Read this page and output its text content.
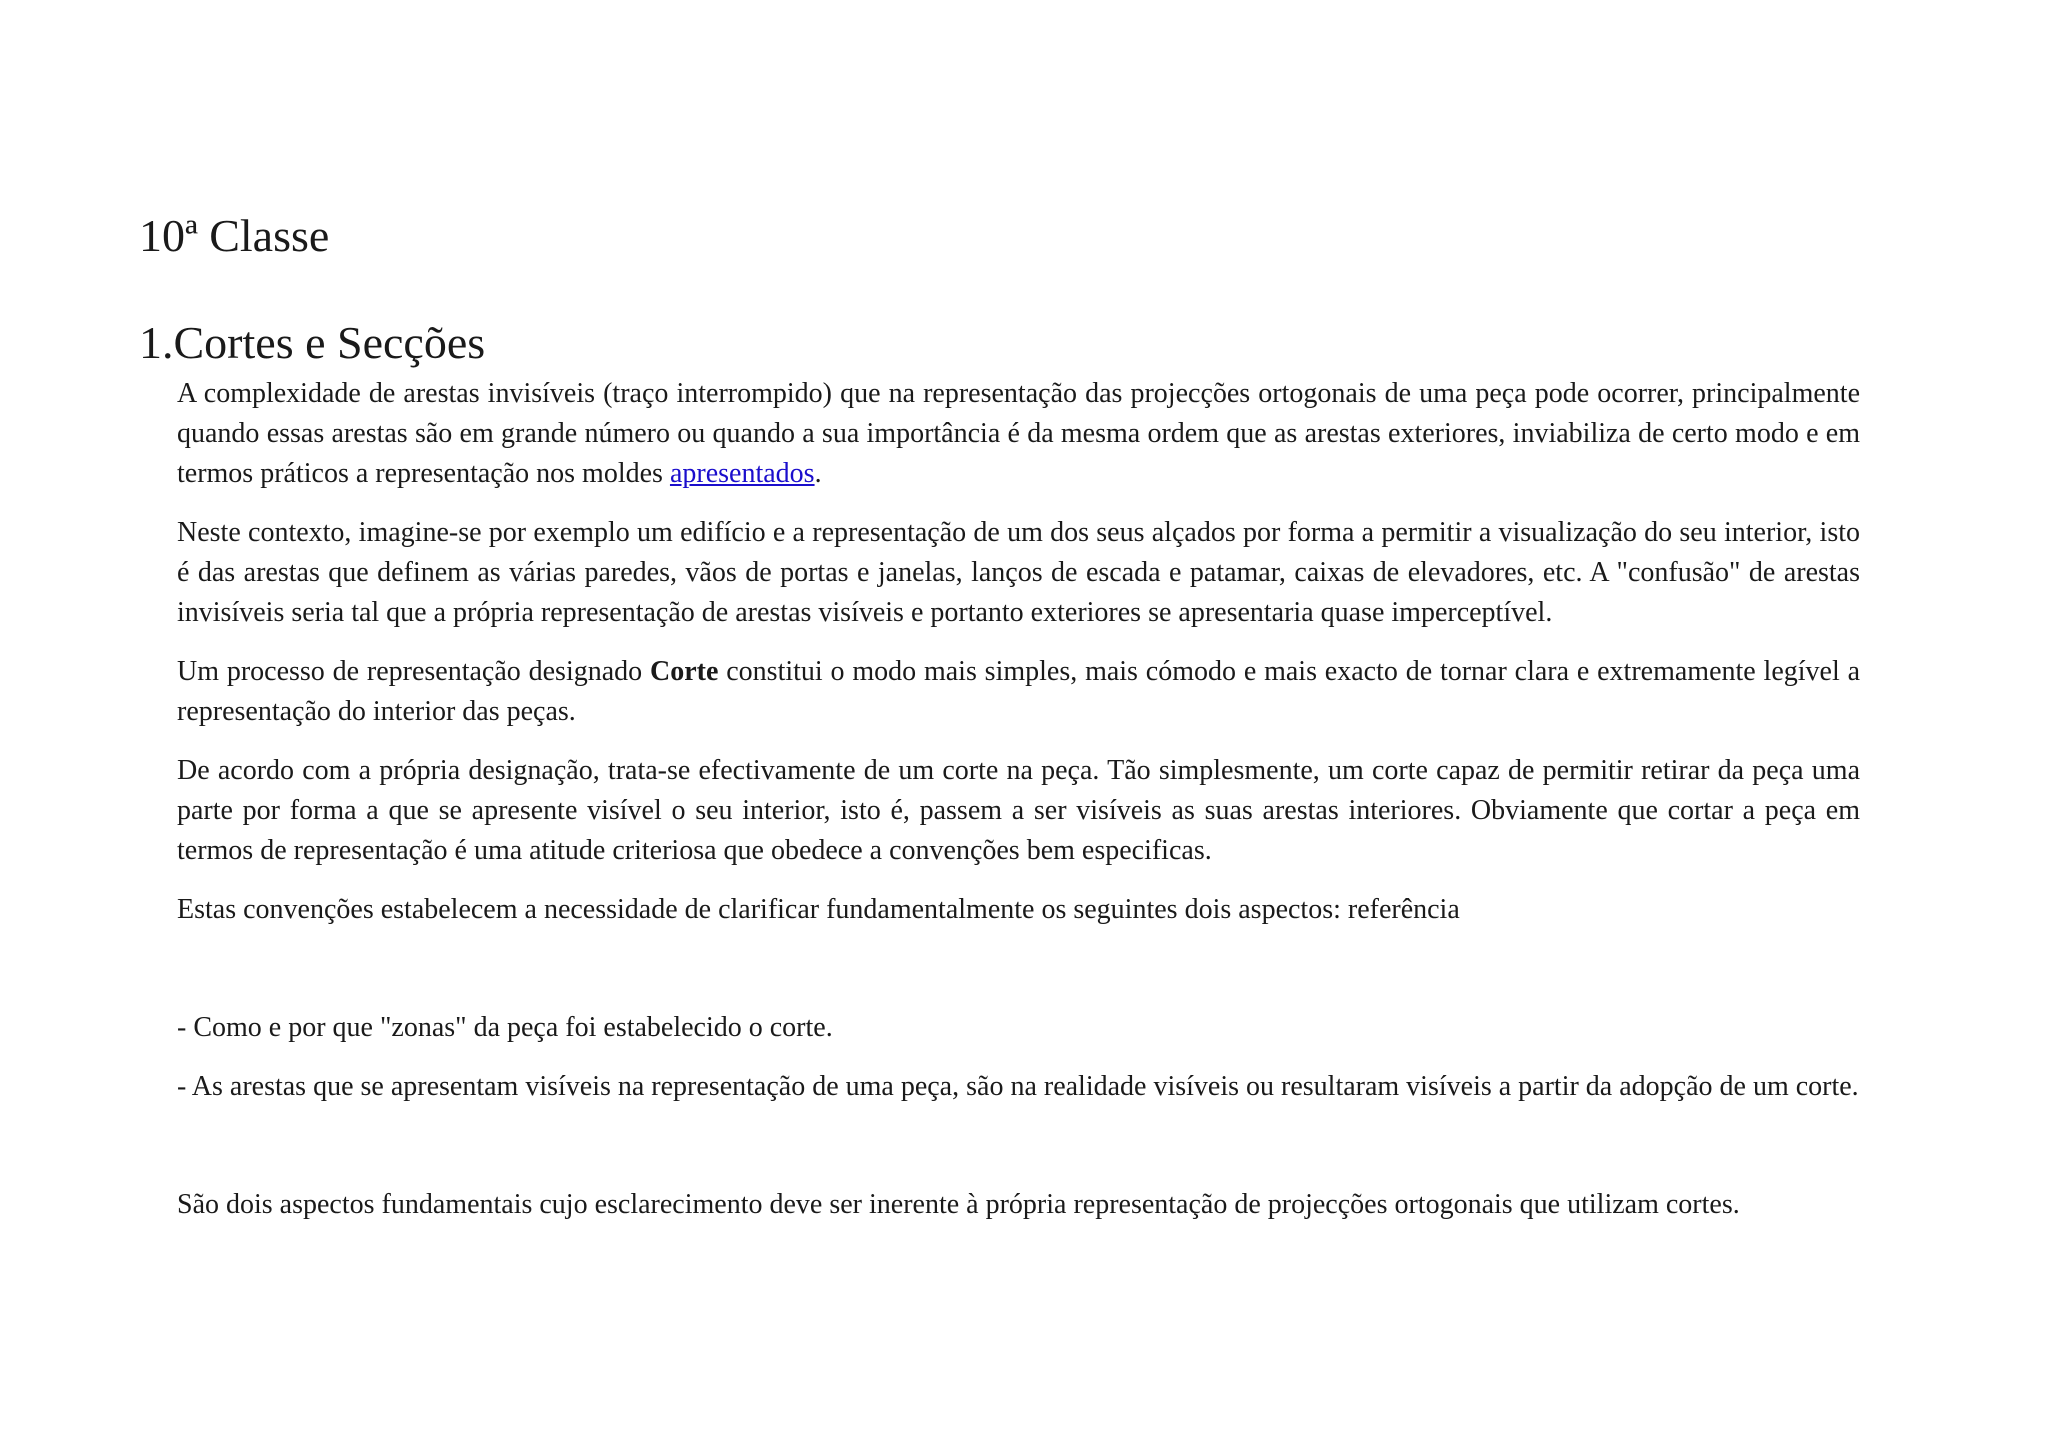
10ª Classe
1.Cortes e Secções

A complexidade de arestas invisíveis (traço interrompido) que na representação das projecções ortogonais de uma peça pode ocorrer, principalmente quando essas arestas são em grande número ou quando a sua importância é da mesma ordem que as arestas exteriores, inviabiliza de certo modo e em termos práticos a representação nos moldes apresentados.

Neste contexto, imagine-se por exemplo um edifício e a representação de um dos seus alçados por forma a permitir a visualização do seu interior, isto é das arestas que definem as várias paredes, vãos de portas e janelas, lanços de escada e patamar, caixas de elevadores, etc. A "confusão" de arestas invisíveis seria tal que a própria representação de arestas visíveis e portanto exteriores se apresentaria quase imperceptível.

Um processo de representação designado Corte constitui o modo mais simples, mais cómodo e mais exacto de tornar clara e extremamente legível a representação do interior das peças.

De acordo com a própria designação, trata-se efectivamente de um corte na peça. Tão simplesmente, um corte capaz de permitir retirar da peça uma parte por forma a que se apresente visível o seu interior, isto é, passem a ser visíveis as suas arestas interiores. Obviamente que cortar a peça em termos de representação é uma atitude criteriosa que obedece a convenções bem especificas.

Estas convenções estabelecem a necessidade de clarificar fundamentalmente os seguintes dois aspectos: referência

- Como e por que "zonas" da peça foi estabelecido o corte.

- As arestas que se apresentam visíveis na representação de uma peça, são na realidade visíveis ou resultaram visíveis a partir da adopção de um corte.

São dois aspectos fundamentais cujo esclarecimento deve ser inerente à própria representação de projecções ortogonais que utilizam cortes.
